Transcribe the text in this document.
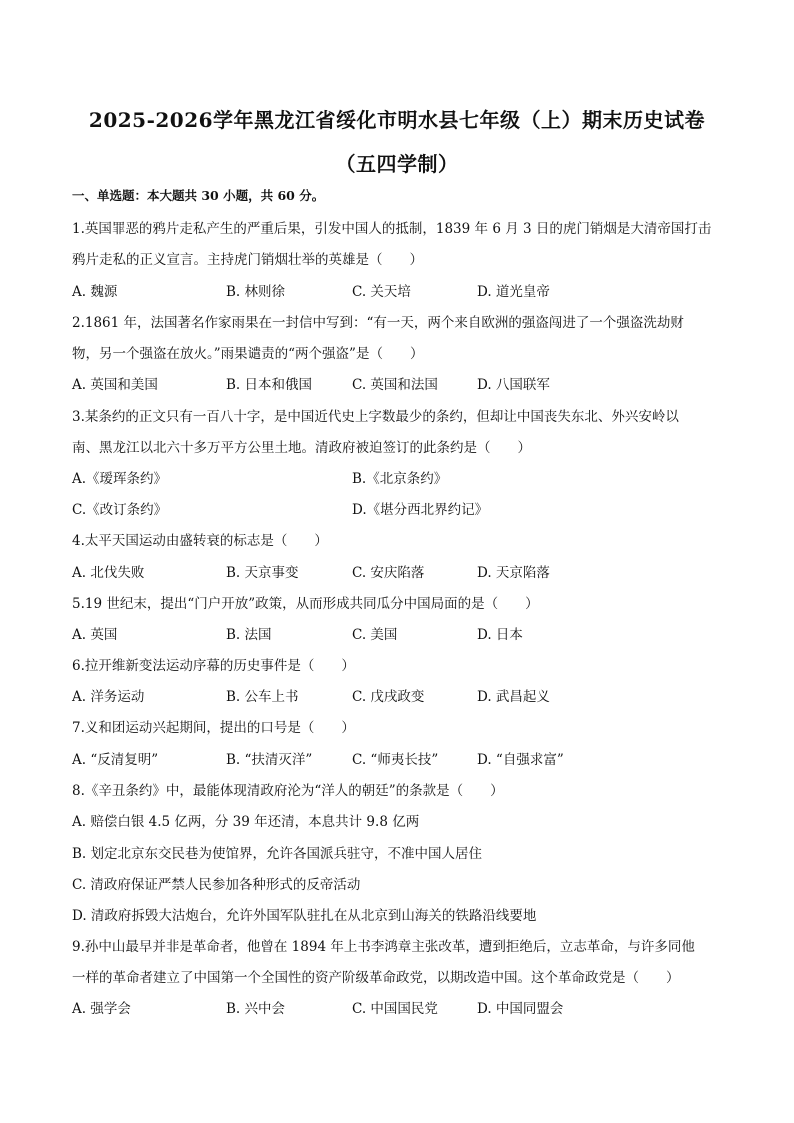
2025-2026学年黑龙江省绥化市明水县七年级（上）期末历史试卷
（五四学制）
一、单选题：本大题共 30 小题，共 60 分。
1.英国罪恶的鸦片走私产生的严重后果，引发中国人的抵制，1839 年 6 月 3 日的虎门销烟是大清帝国打击
鸦片走私的正义宣言。主持虎门销烟壮举的英雄是（　　）
A. 魏源	B. 林则徐	C. 关天培	D. 道光皇帝
2.1861 年，法国著名作家雨果在一封信中写到：“有一天，两个来自欧洲的强盗闯进了一个强盗洗劫财
物，另一个强盗在放火。”雨果谴责的“两个强盗”是（　　）
A. 英国和美国	B. 日本和俄国	C. 英国和法国	D. 八国联军
3.某条约的正文只有一百八十字，是中国近代史上字数最少的条约，但却让中国丧失东北、外兴安岭以
南、黑龙江以北六十多万平方公里土地。清政府被迫签订的此条约是（　　）
A.《瑷珲条约》	B.《北京条约》
C.《改订条约》	D.《堪分西北界约记》
4.太平天国运动由盛转衰的标志是（　　）
A. 北伐失败	B. 天京事变	C. 安庆陷落	D. 天京陷落
5.19 世纪末，提出“门户开放”政策，从而形成共同瓜分中国局面的是（　　）
A. 英国	B. 法国	C. 美国	D. 日本
6.拉开维新变法运动序幕的历史事件是（　　）
A. 洋务运动	B. 公车上书	C. 戊戌政变	D. 武昌起义
7.义和团运动兴起期间，提出的口号是（　　）
A. “反清复明”	B. “扶清灭洋”	C. “师夷长技”	D. “自强求富”
8.《辛丑条约》中，最能体现清政府沦为“洋人的朝廷”的条款是（　　）
A. 赔偿白银 4.5 亿两，分 39 年还清，本息共计 9.8 亿两
B. 划定北京东交民巷为使馆界，允许各国派兵驻守，不准中国人居住
C. 清政府保证严禁人民参加各种形式的反帝活动
D. 清政府拆毁大沽炮台，允许外国军队驻扎在从北京到山海关的铁路沿线要地
9.孙中山最早并非是革命者，他曾在 1894 年上书李鸿章主张改革，遭到拒绝后，立志革命，与许多同他
一样的革命者建立了中国第一个全国性的资产阶级革命政党，以期改造中国。这个革命政党是（　　）
A. 强学会	B. 兴中会	C. 中国国民党	D. 中国同盟会
